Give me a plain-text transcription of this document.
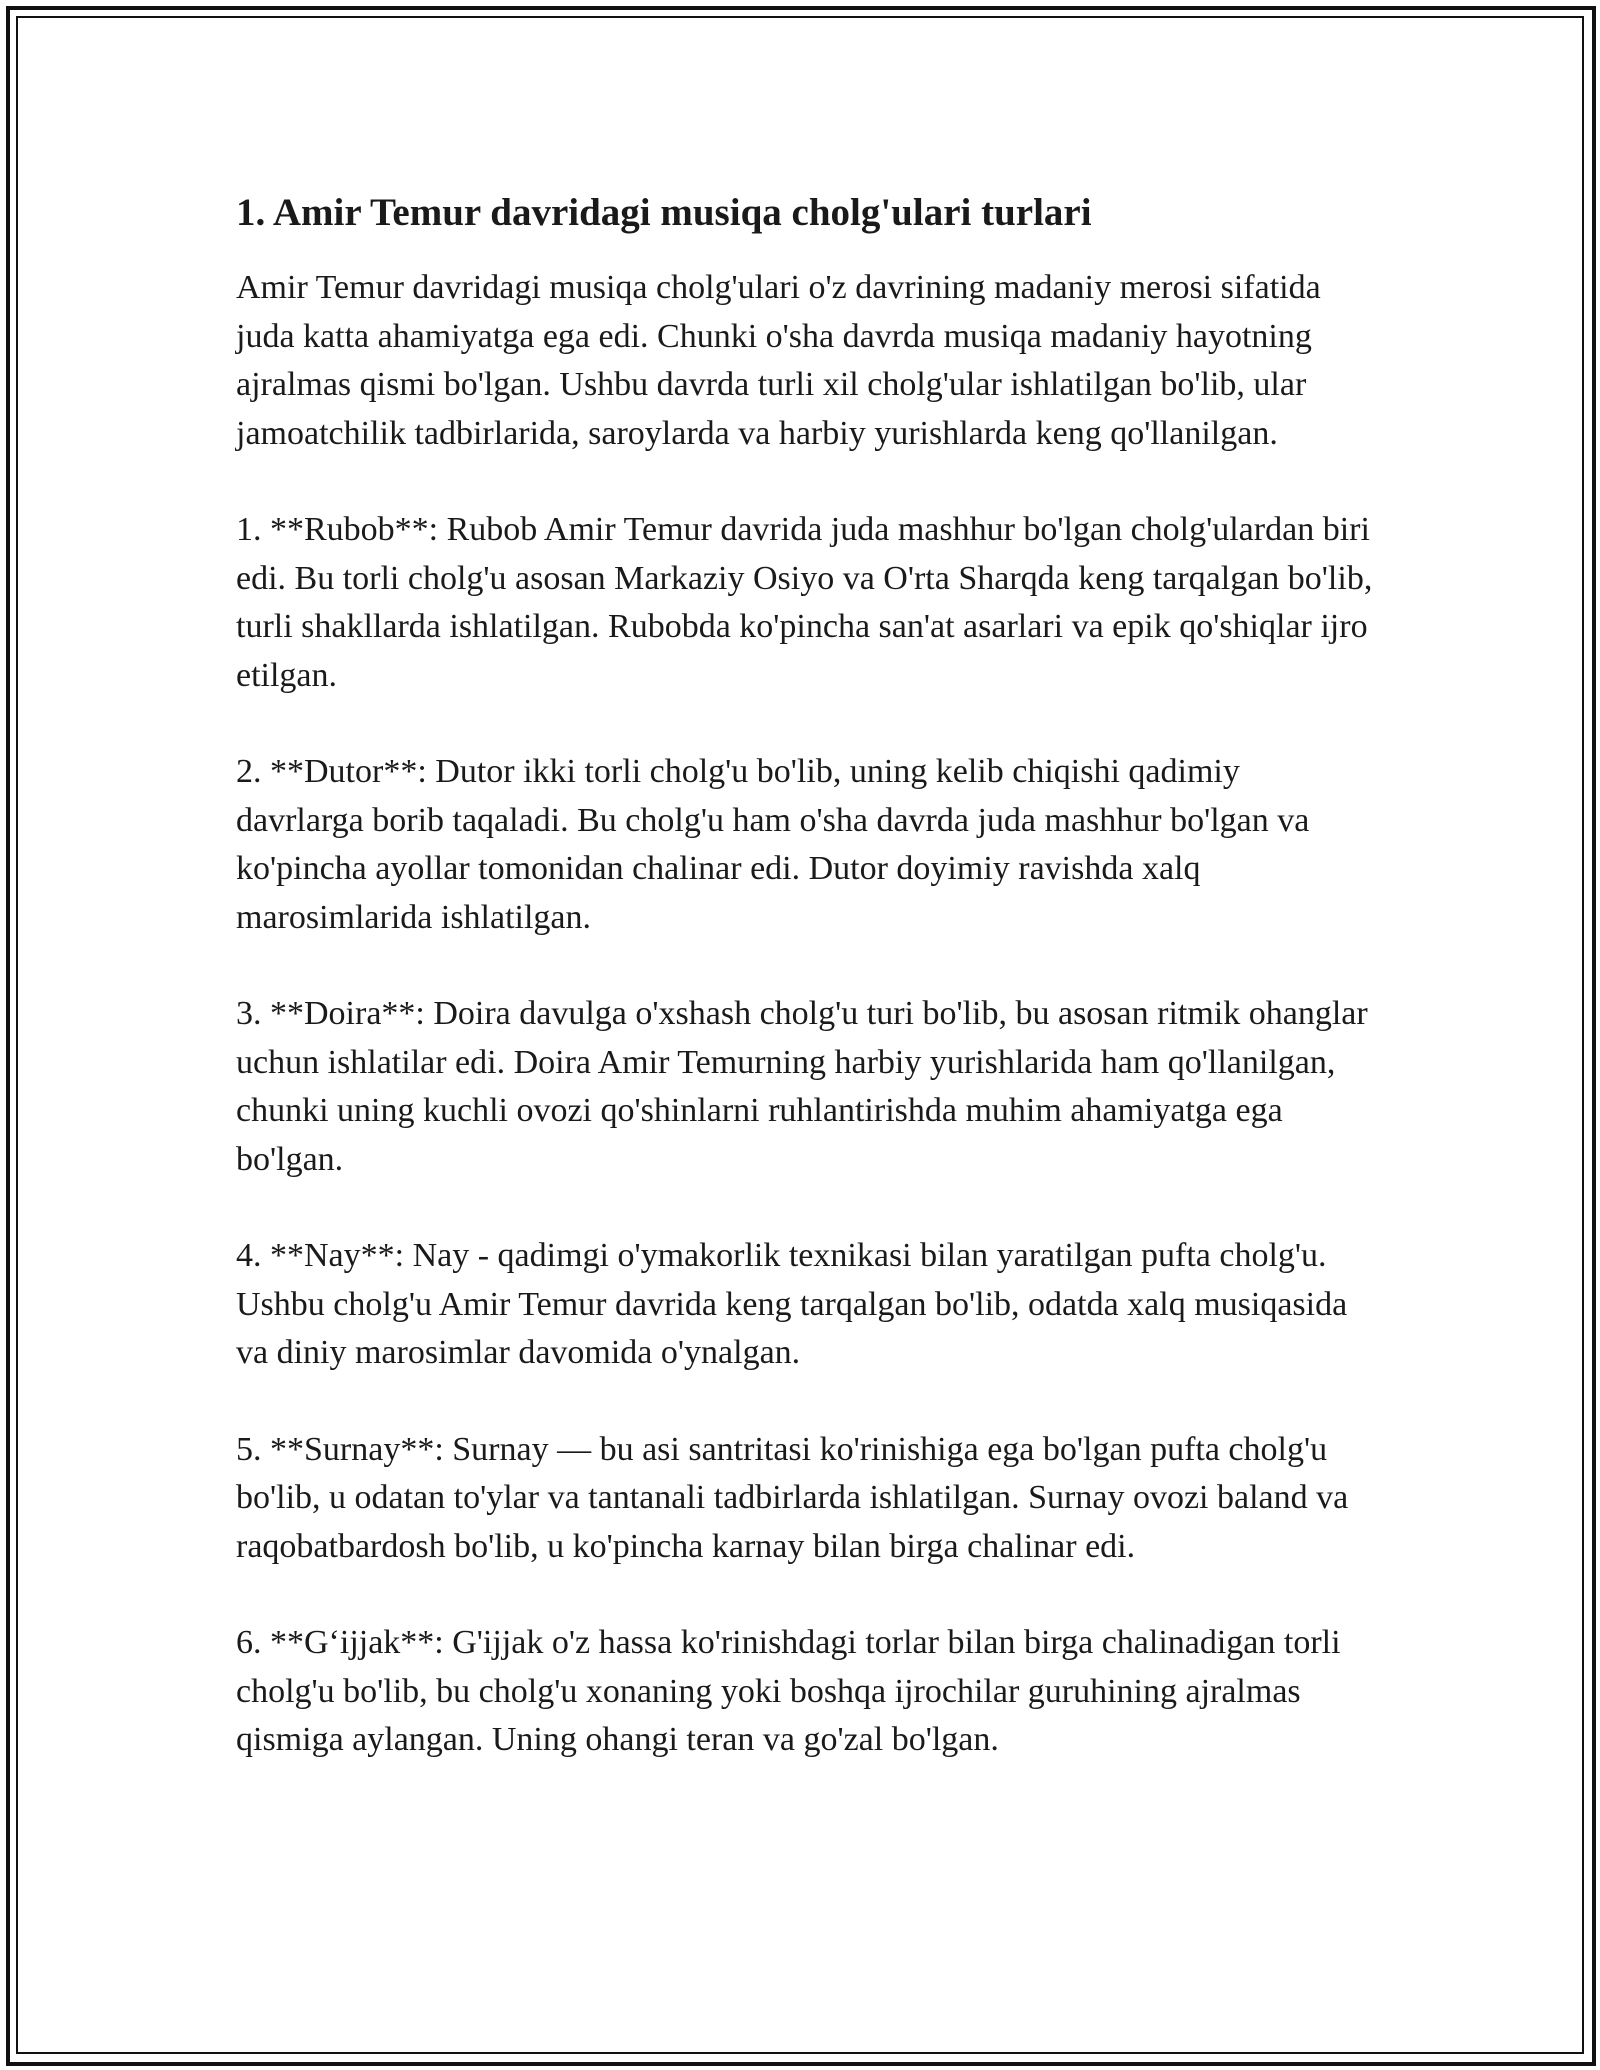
1. Amir Temur davridagi musiqa cholg'ulari turlari

Amir Temur davridagi musiqa cholg'ulari o'z davrining madaniy merosi sifatida juda katta ahamiyatga ega edi. Chunki o'sha davrda musiqa madaniy hayotning ajralmas qismi bo'lgan. Ushbu davrda turli xil cholg'ular ishlatilgan bo'lib, ular jamoatchilik tadbirlarida, saroylarda va harbiy yurishlarda keng qo'llanilgan.

1. **Rubob**: Rubob Amir Temur davrida juda mashhur bo'lgan cholg'ulardan biri edi. Bu torli cholg'u asosan Markaziy Osiyo va O'rta Sharqda keng tarqalgan bo'lib, turli shakllarda ishlatilgan. Rubobda ko'pincha san'at asarlari va epik qo'shiqlar ijro etilgan.

2. **Dutor**: Dutor ikki torli cholg'u bo'lib, uning kelib chiqishi qadimiy davrlarga borib taqaladi. Bu cholg'u ham o'sha davrda juda mashhur bo'lgan va ko'pincha ayollar tomonidan chalinar edi. Dutor doyimiy ravishda xalq marosimlarida ishlatilgan.

3. **Doira**: Doira davulga o'xshash cholg'u turi bo'lib, bu asosan ritmik ohanglar uchun ishlatilar edi. Doira Amir Temurning harbiy yurishlarida ham qo'llanilgan, chunki uning kuchli ovozi qo'shinlarni ruhlantirishda muhim ahamiyatga ega bo'lgan.

4. **Nay**: Nay - qadimgi o'ymakorlik texnikasi bilan yaratilgan pufta cholg'u. Ushbu cholg'u Amir Temur davrida keng tarqalgan bo'lib, odatda xalq musiqasida va diniy marosimlar davomida o'ynalgan.

5. **Surnay**: Surnay — bu asi santritasi ko'rinishiga ega bo'lgan pufta cholg'u bo'lib, u odatan to'ylar va tantanali tadbirlarda ishlatilgan. Surnay ovozi baland va raqobatbardosh bo'lib, u ko'pincha karnay bilan birga chalinar edi.

6. **G‘ijjak**: G'ijjak o'z hassa ko'rinishdagi torlar bilan birga chalinadigan torli cholg'u bo'lib, bu cholg'u xonaning yoki boshqa ijrochilar guruhining ajralmas qismiga aylangan. Uning ohangi teran va go'zal bo'lgan.
